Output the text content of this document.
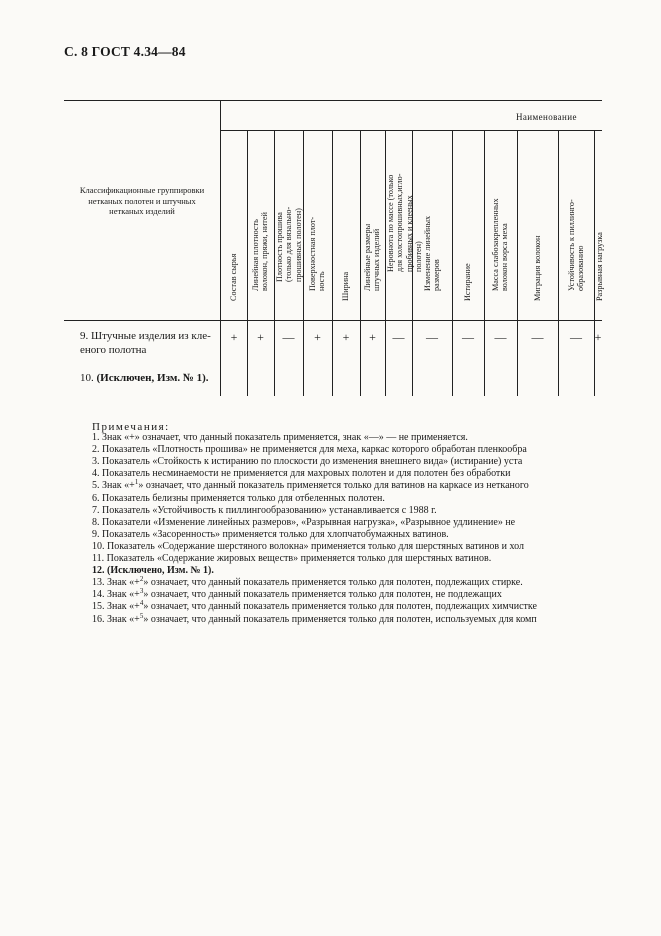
С. 8 ГОСТ 4.34—84
Наименование
Классификационные группировки
нетканых полотен и штучных
нетканых изделий
9. Штучные изделия из кле-
еного полотна
10. (Исключен, Изм. № 1).
Состав сырья
+
Линейная плотность волокон, пряжи, нитей
+
Плотность прошива (только для вязально- прошивных полотен)
—
Поверхностная плот- ность
+
Ширина
+
Линейные размеры штучных изделий
+
Неровнота по массе (только для холстопрошивных,игло- пробивных и клееных полотен)
—
Изменение линейных размеров
—
Истирание
—
Масса слабозакрепленных волокон ворса меха
—
Миграция волокон
—
Устойчивость к пиллинго- образованию
—
Разрывная нагрузка
+
Примечания:
1. Знак «+» означает, что данный показатель применяется, знак «—» — не применяется.
2. Показатель «Плотность прошива» не применяется для меха, каркас которого обработан пленкообра
3. Показатель «Стойкость к истиранию по плоскости до изменения внешнего вида» (истирание) уста
4. Показатель несминаемости не применяется для махровых полотен и для полотен без обработки
5. Знак «+$^1$» означает, что данный показатель применяется только для ватинов на каркасе из нетканого
6. Показатель белизны применяется только для отбеленных полотен.
7. Показатель «Устойчивость к пиллингообразованию» устанавливается с 1988 г.
8. Показатели «Изменение линейных размеров», «Разрывная нагрузка», «Разрывное удлинение» не
9. Показатель «Засоренность» применяется только для хлопчатобумажных ватинов.
10. Показатель «Содержание шерстяного волокна» применяется только для шерстяных ватинов и хол
11. Показатель «Содержание жировых веществ» применяется только для шерстяных ватинов.
12. (Исключено, Изм. № 1).
13. Знак «+$^2$» означает, что данный показатель применяется только для полотен, подлежащих стирке.
14. Знак «+$^3$» означает, что данный показатель применяется только для полотен, не подлежащих
15. Знак «+$^4$» означает, что данный показатель применяется только для полотен, подлежащих химчистке
16. Знак «+$^5$» означает, что данный показатель применяется только для полотен, используемых для комп
